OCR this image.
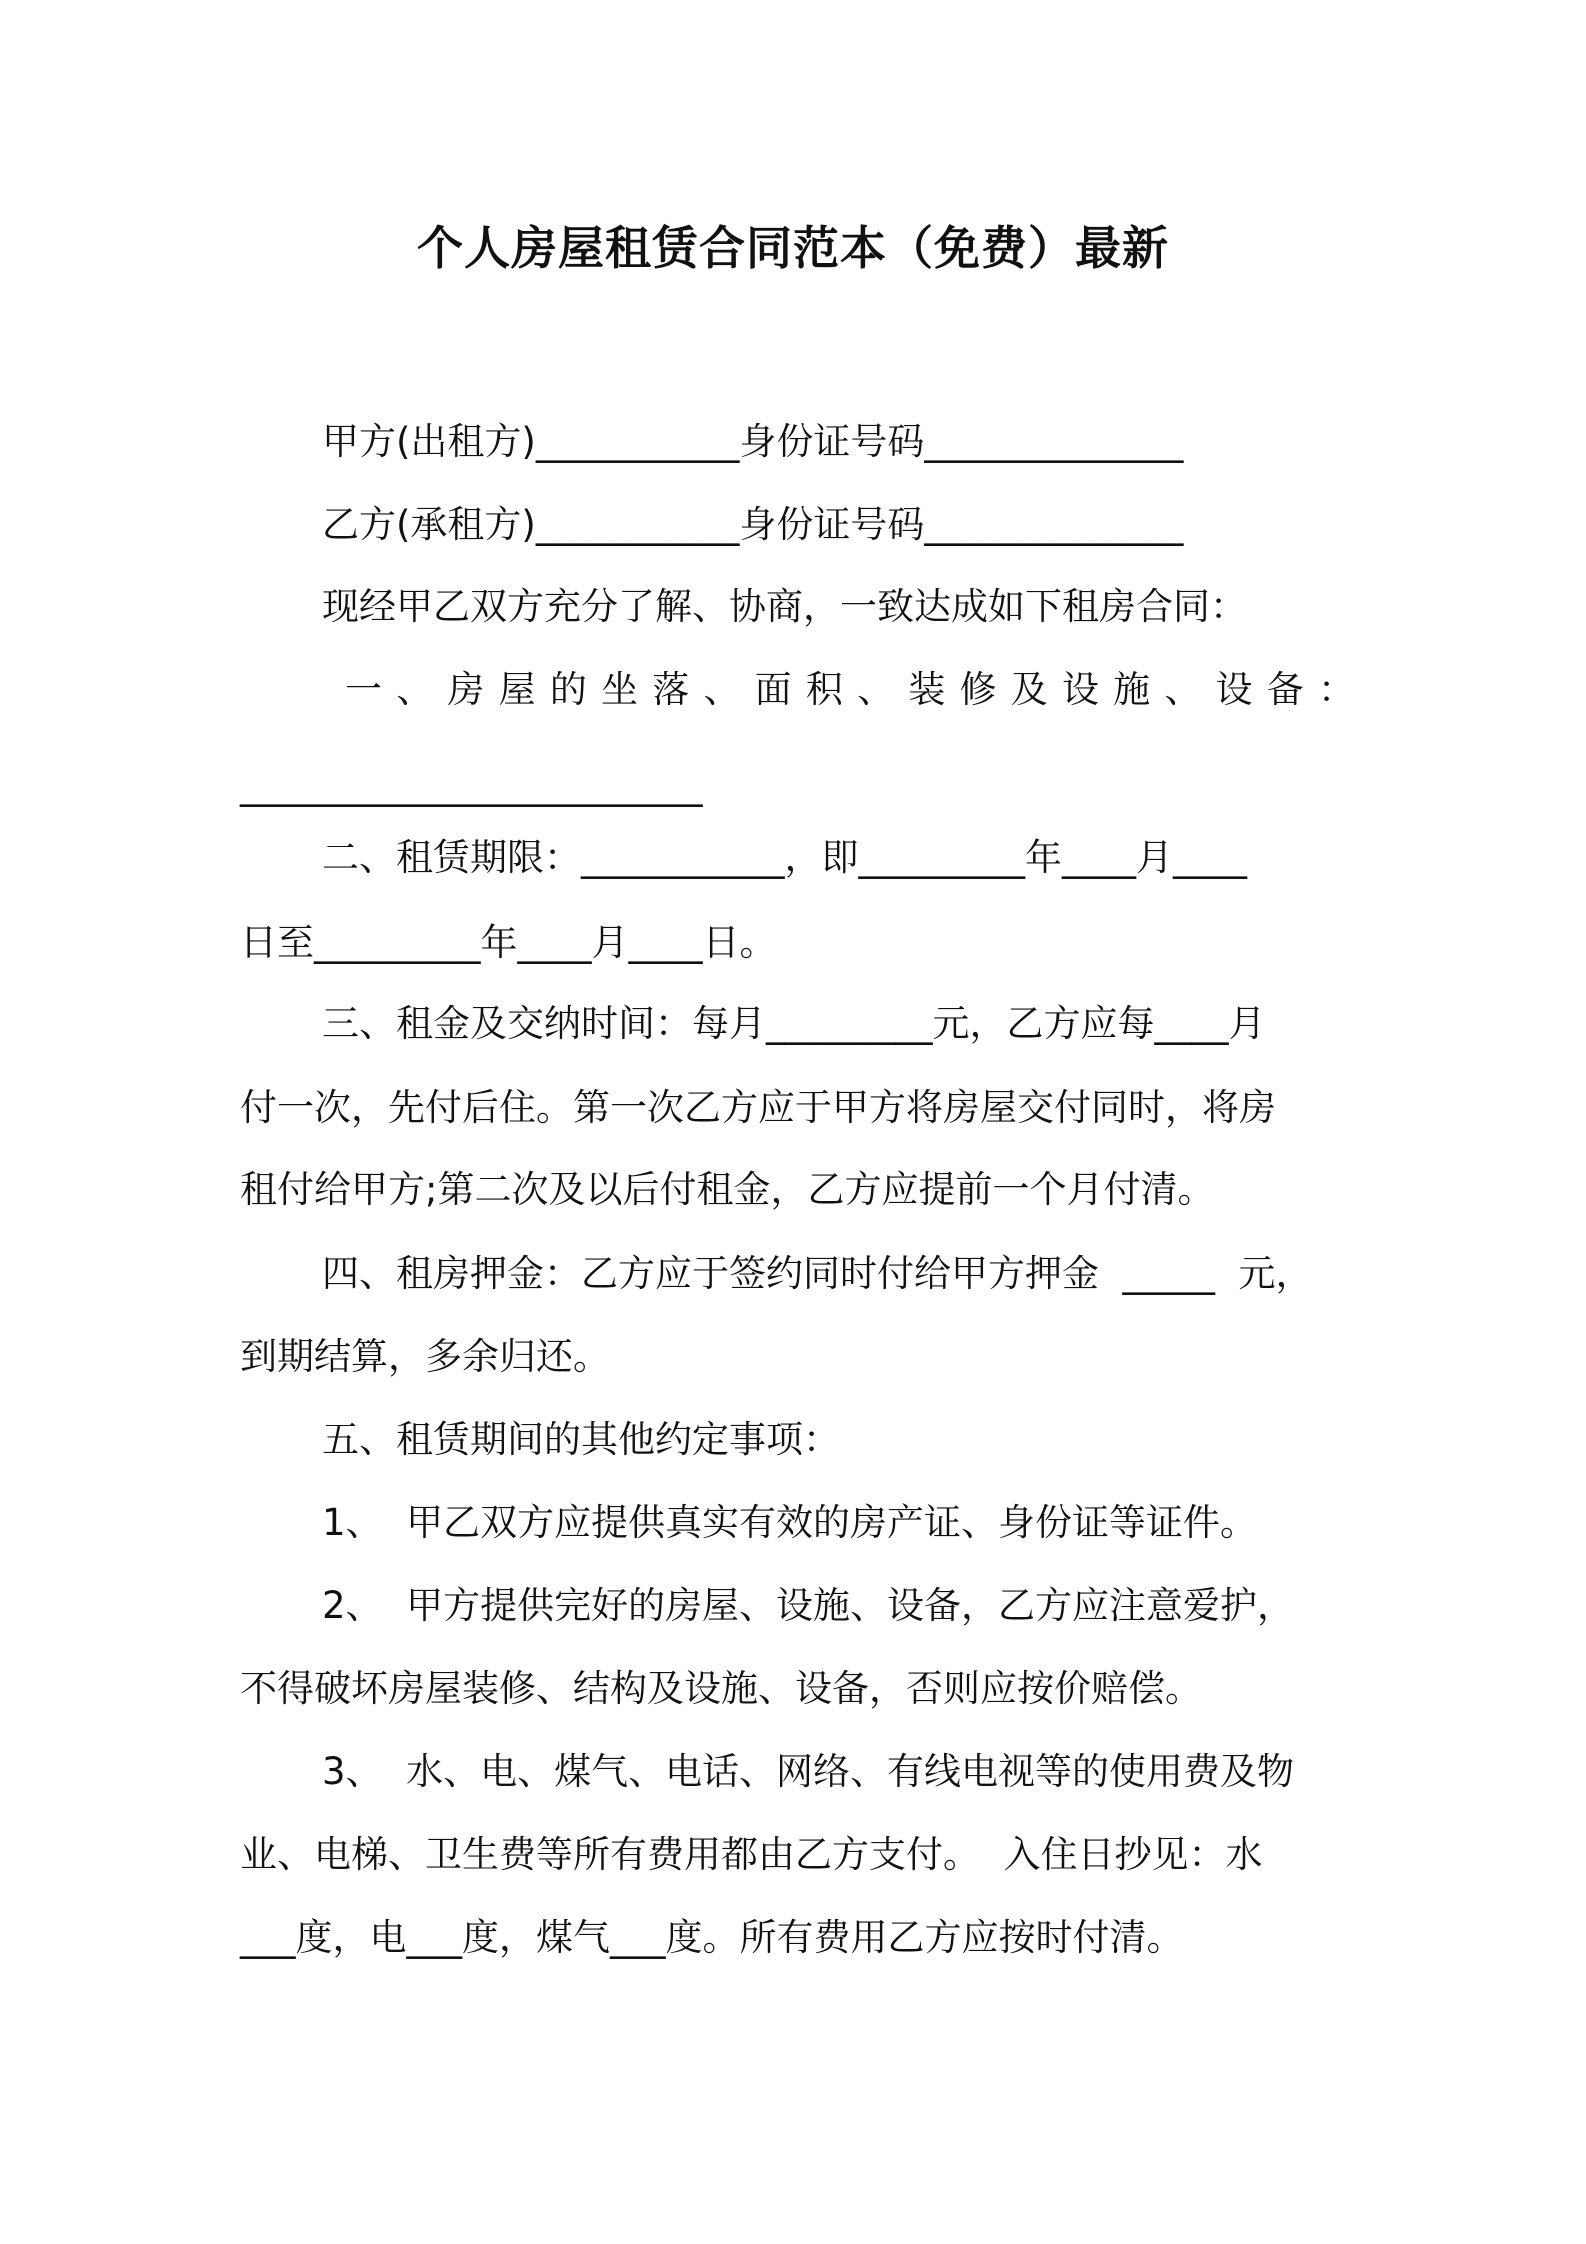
个人房屋租赁合同范本（免费）最新
甲方(出租方)___________身份证号码______________
乙方(承租方)___________身份证号码______________
现经甲乙双方充分了解、协商，一致达成如下租房合同：
一、房屋的坐落、面积、装修及设施、设备：
_________________________
二、租赁期限：___________，即_________年____月____
日至_________年____月____日。
三、租金及交纳时间：每月_________元，乙方应每____月
付一次，先付后住。第一次乙方应于甲方将房屋交付同时，将房
租付给甲方;第二次及以后付租金，乙方应提前一个月付清。
四、租房押金：乙方应于签约同时付给甲方押金  _____  元，
到期结算，多余归还。
五、租赁期间的其他约定事项：
1、  甲乙双方应提供真实有效的房产证、身份证等证件。
2、  甲方提供完好的房屋、设施、设备，乙方应注意爱护，
不得破坏房屋装修、结构及设施、设备，否则应按价赔偿。
3、  水、电、煤气、电话、网络、有线电视等的使用费及物
业、电梯、卫生费等所有费用都由乙方支付。  入住日抄见：水
___度，电___度，煤气___度。所有费用乙方应按时付清。
